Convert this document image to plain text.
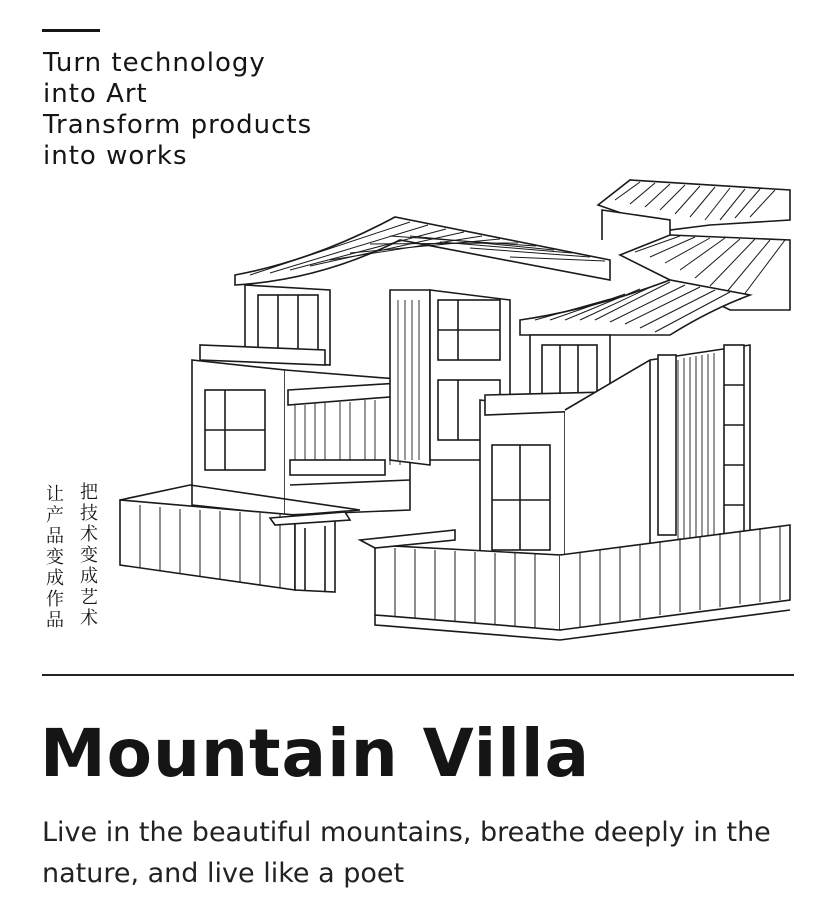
Turn technology
into Art
Transform products
into works
把
技
术
变
成
艺
术
让
产
品
变
成
作
品
Mountain Villa
Live in the beautiful mountains, breathe deeply in the nature, and live like a poet
